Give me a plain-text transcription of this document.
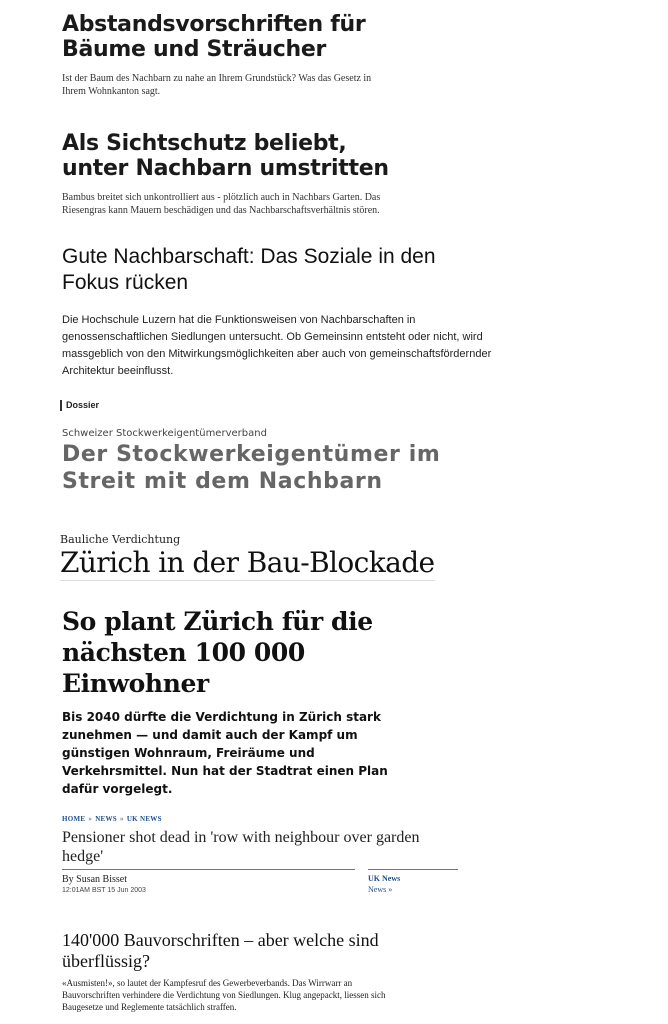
Abstandsvorschriften für Bäume und Sträucher
Ist der Baum des Nachbarn zu nahe an Ihrem Grundstück? Was das Gesetz in Ihrem Wohnkanton sagt.
Als Sichtschutz beliebt, unter Nachbarn umstritten
Bambus breitet sich unkontrolliert aus - plötzlich auch in Nachbars Garten. Das Riesengras kann Mauern beschädigen und das Nachbarschaftsverhältnis stören.
Gute Nachbarschaft: Das Soziale in den Fokus rücken
Die Hochschule Luzern hat die Funktionsweisen von Nachbarschaften in genossenschaftlichen Siedlungen untersucht. Ob Gemeinsinn entsteht oder nicht, wird massgeblich von den Mitwirkungsmöglichkeiten aber auch von gemeinschaftsfördernder Architektur beeinflusst.
Dossier
Schweizer Stockwerkeigentümerverband
Der Stockwerkeigentümer im Streit mit dem Nachbarn
Bauliche Verdichtung
Zürich in der Bau-Blockade
So plant Zürich für die nächsten 100 000 Einwohner
Bis 2040 dürfte die Verdichtung in Zürich stark zunehmen — und damit auch der Kampf um günstigen Wohnraum, Freiräume und Verkehrsmittel. Nun hat der Stadtrat einen Plan dafür vorgelegt.
HOME » NEWS » UK NEWS
Pensioner shot dead in 'row with neighbour over garden hedge'
By Susan Bisset
12:01AM BST 15 Jun 2003
UK News
News »
140'000 Bauvorschriften – aber welche sind überflüssig?
«Ausmisten!», so lautet der Kampfesruf des Gewerbeverbands. Das Wirrwarr an Bauvorschriften verhindere die Verdichtung von Siedlungen. Klug angepackt, liessen sich Baugesetze und Reglemente tatsächlich straffen.
